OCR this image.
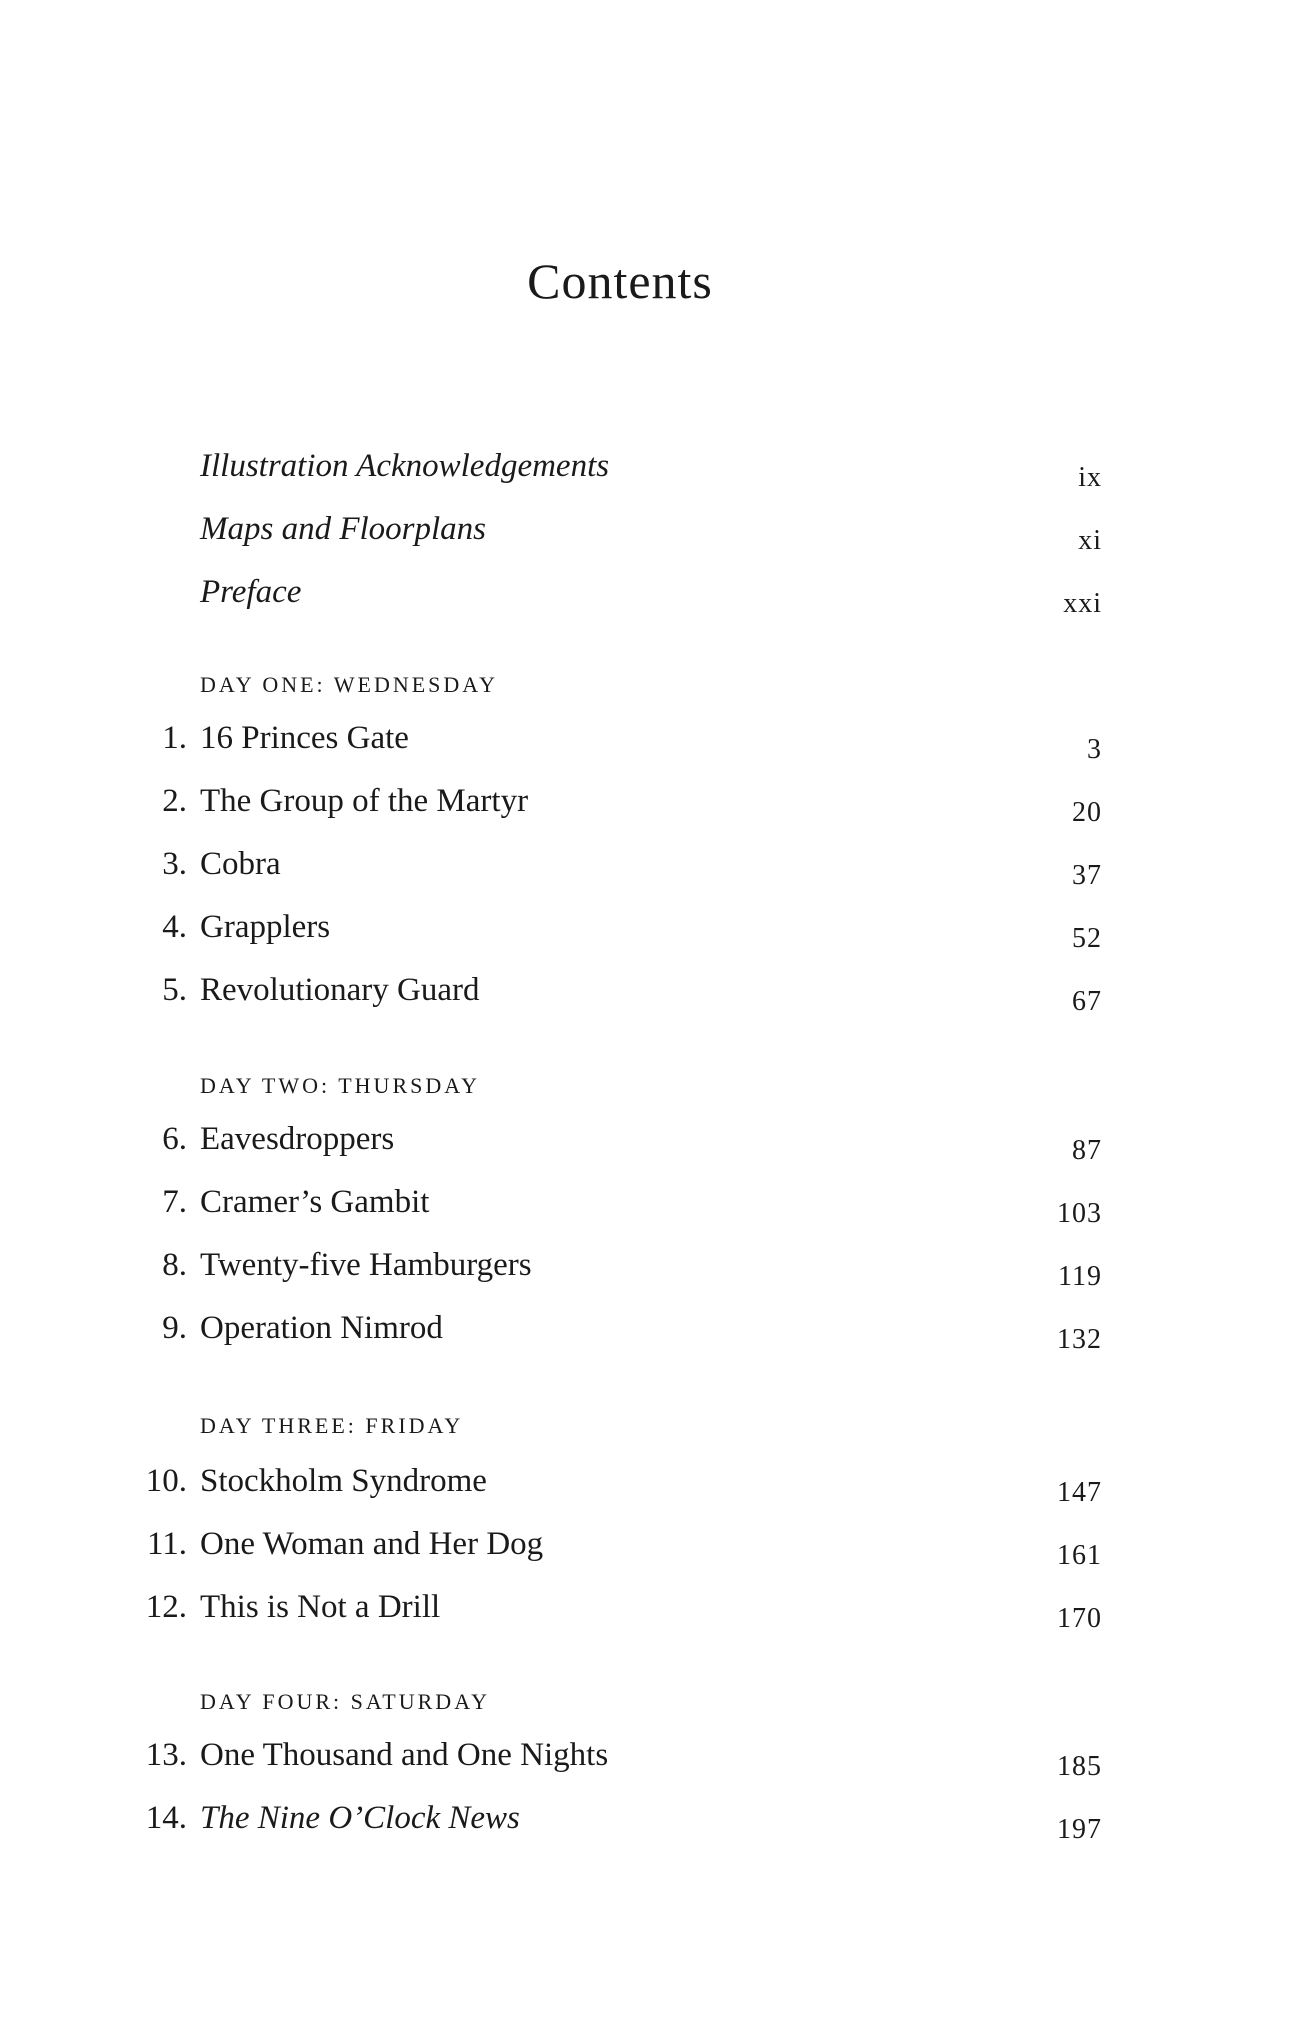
Contents
Illustration Acknowledgements	ix
Maps and Floorplans	xi
Preface	xxi
DAY ONE: WEDNESDAY
1. 16 Princes Gate	3
2. The Group of the Martyr	20
3. Cobra	37
4. Grapplers	52
5. Revolutionary Guard	67
DAY TWO: THURSDAY
6. Eavesdroppers	87
7. Cramer’s Gambit	103
8. Twenty-five Hamburgers	119
9. Operation Nimrod	132
DAY THREE: FRIDAY
10. Stockholm Syndrome	147
11. One Woman and Her Dog	161
12. This is Not a Drill	170
DAY FOUR: SATURDAY
13. One Thousand and One Nights	185
14. The Nine O’Clock News	197
